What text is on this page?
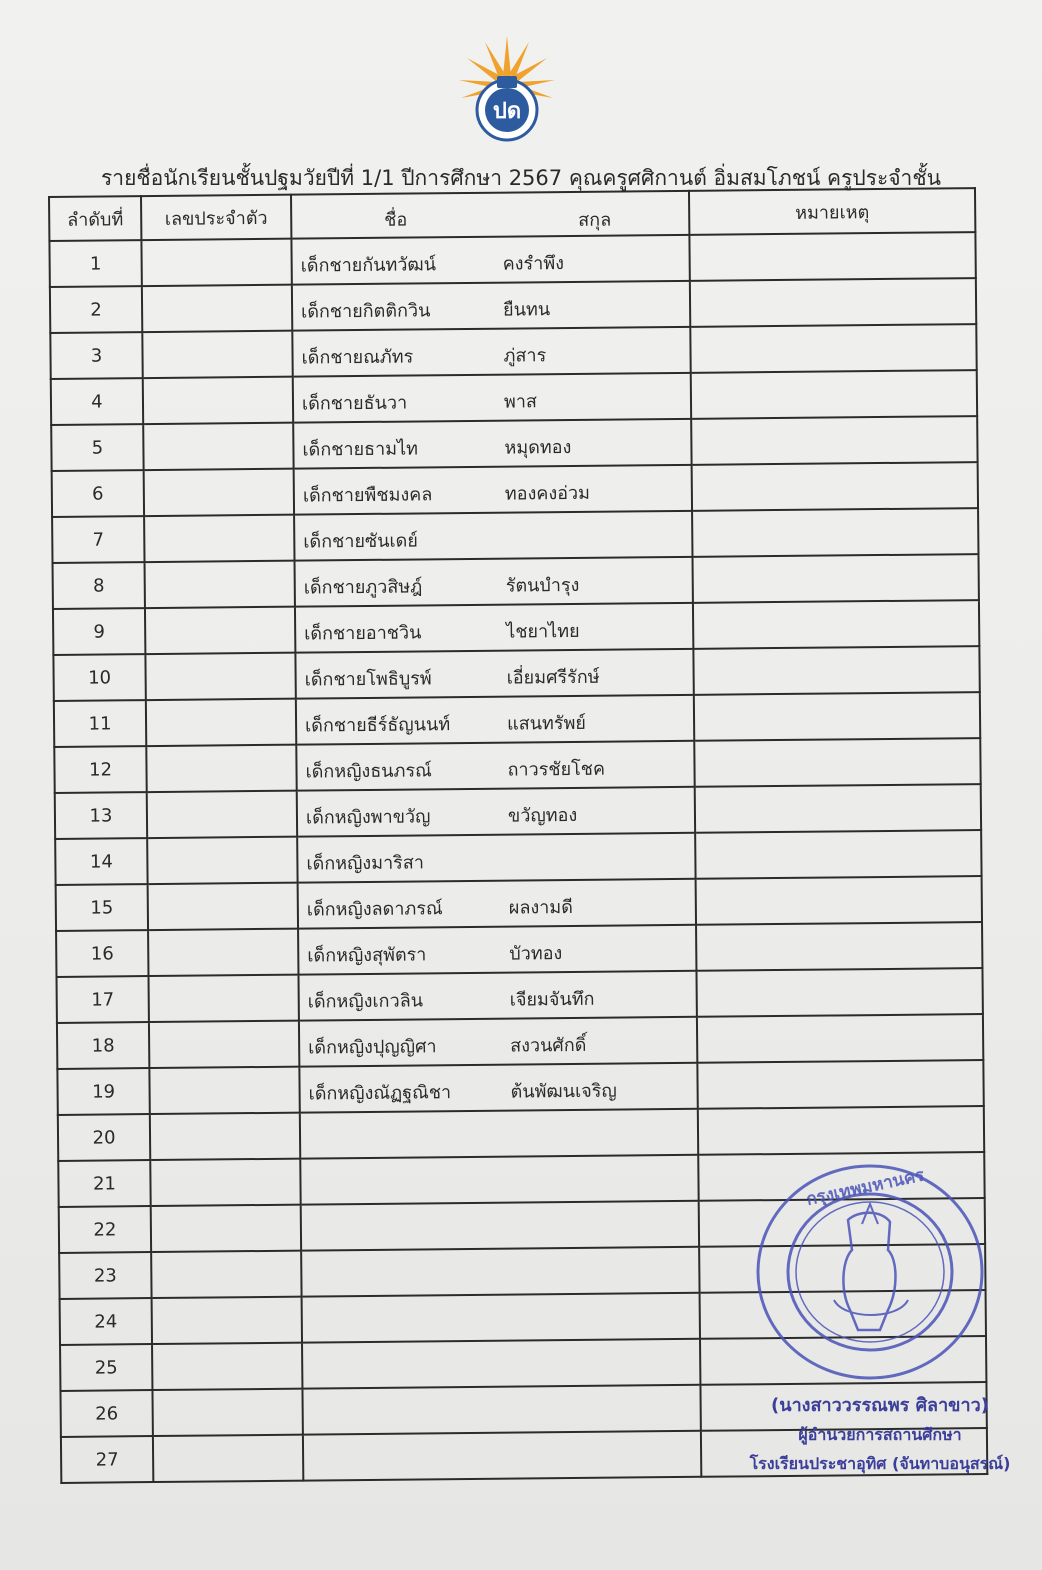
ปด
รายชื่อนักเรียนชั้นปฐมวัยปีที่ 1/1 ปีการศึกษา 2567 คุณครูศศิกานต์ อิ่มสมโภชน์ ครูประจำชั้น
ลำดับที่	เลขประจำตัว	ชื่อ สกุล	หมายเหตุ
1		เด็กชายกันทวัฒน์ คงรำพึง	

2		เด็กชายกิตติกวิน ยืนทน	

3		เด็กชายณภัทร ภู่สาร	

4		เด็กชายธันวา พาส	

5		เด็กชายธามไท หมุดทอง	

6		เด็กชายพืชมงคล ทองคงอ่วม	

7		เด็กชายซันเดย์	

8		เด็กชายภูวสิษฎ์ รัตนบำรุง	

9		เด็กชายอาชวิน ไชยาไทย	

10		เด็กชายโพธิบูรพ์ เอี่ยมศรีรักษ์	

11		เด็กชายธีร์ธัญนนท์ แสนทรัพย์	

12		เด็กหญิงธนภรณ์ ถาวรชัยโชค	

13		เด็กหญิงพาขวัญ ขวัญทอง	

14		เด็กหญิงมาริสา	

15		เด็กหญิงลดาภรณ์ ผลงามดี	

16		เด็กหญิงสุพัตรา บัวทอง	

17		เด็กหญิงเกวลิน เจียมจันทึก	

18		เด็กหญิงปุญญิศา สงวนศักดิ์	

19		เด็กหญิงณัฏฐณิชา ต้นพัฒนเจริญ	

20		

21		

22		

23		

24		

25		

26		

27		

กรุงเทพมหานคร
(นางสาววรรณพร ศิลาขาว)
ผู้อำนวยการสถานศึกษา
โรงเรียนประชาอุทิศ (จันทาบอนุสรณ์)
